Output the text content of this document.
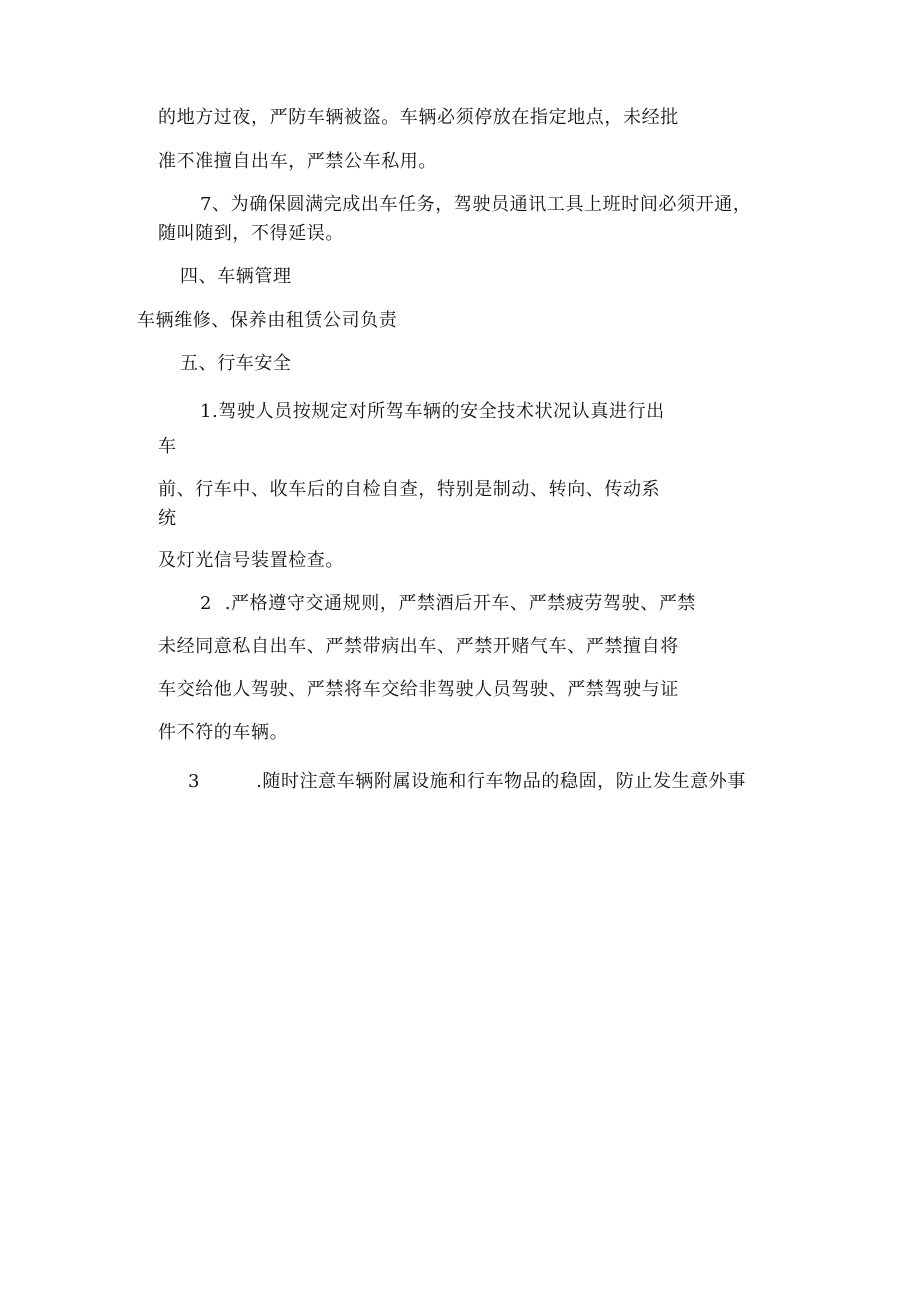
的地方过夜，严防车辆被盗。车辆必须停放在指定地点，未经批
准不准擅自出车，严禁公车私用。
7、为确保圆满完成出车任务，驾驶员通讯工具上班时间必须开通，
随叫随到，不得延误。
四、车辆管理
车辆维修、保养由租赁公司负责
五、行车安全
1.驾驶人员按规定对所驾车辆的安全技术状况认真进行出
车
前、行车中、收车后的自检自查，特别是制动、转向、传动系
统
及灯光信号装置检查。
2  .严格遵守交通规则，严禁酒后开车、严禁疲劳驾驶、严禁
未经同意私自出车、严禁带病出车、严禁开赌气车、严禁擅自将
车交给他人驾驶、严禁将车交给非驾驶人员驾驶、严禁驾驶与证
件不符的车辆。
3	.随时注意车辆附属设施和行车物品的稳固，防止发生意外事
